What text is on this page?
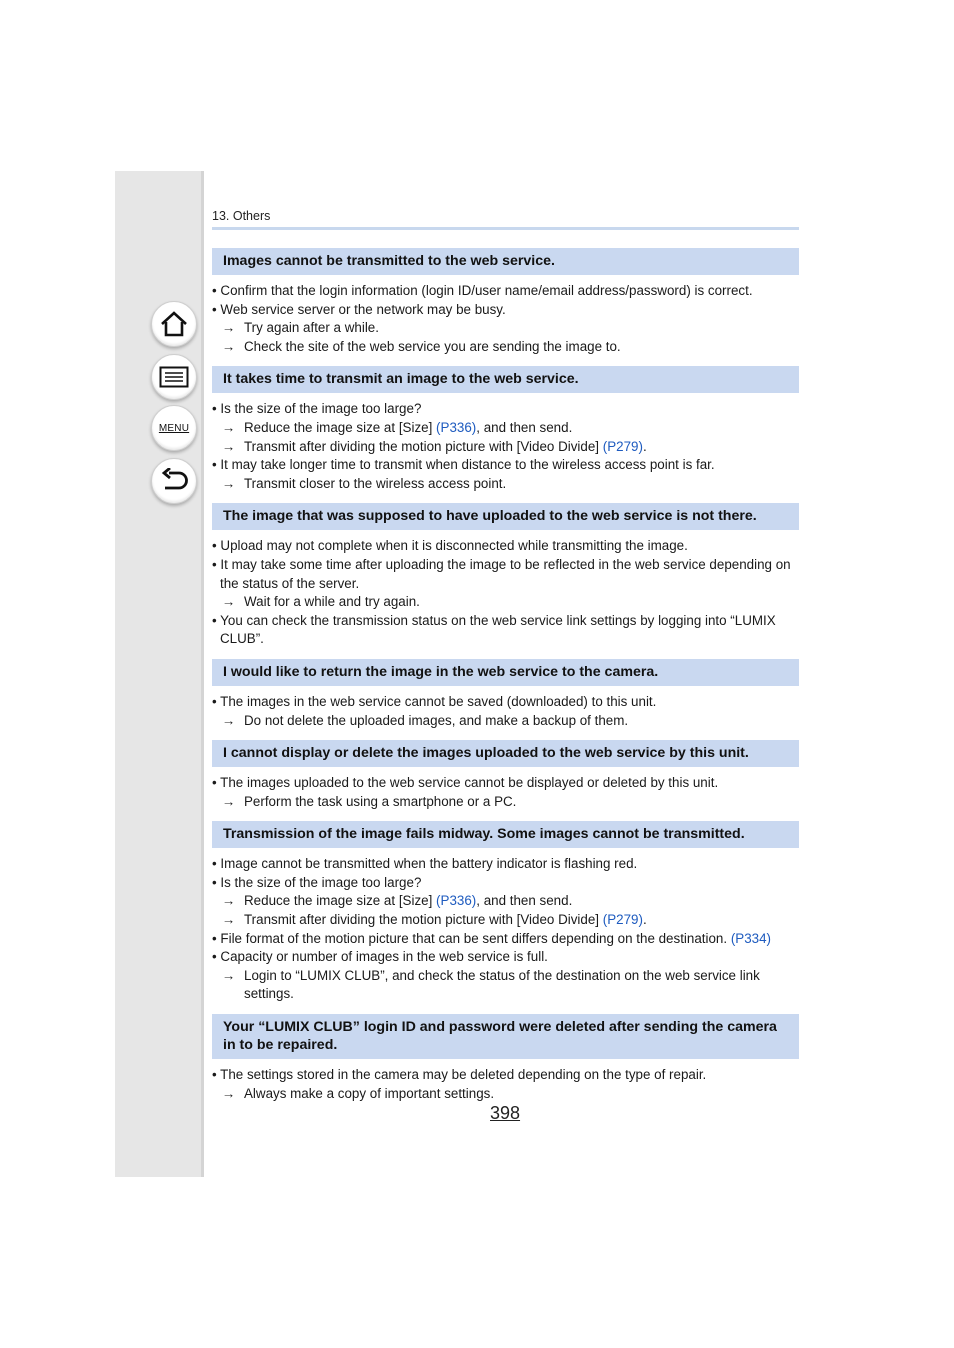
MENU
13. Others
Images cannot be transmitted to the web service.
• Confirm that the login information (login ID/user name/email address/password) is correct.
• Web service server or the network may be busy.
→ Try again after a while.
→ Check the site of the web service you are sending the image to.
It takes time to transmit an image to the web service.
• Is the size of the image too large?
→ Reduce the image size at [Size] (P336), and then send.
→ Transmit after dividing the motion picture with [Video Divide] (P279).
• It may take longer time to transmit when distance to the wireless access point is far.
→ Transmit closer to the wireless access point.
The image that was supposed to have uploaded to the web service is not there.
• Upload may not complete when it is disconnected while transmitting the image.
• It may take some time after uploading the image to be reflected in the web service depending on the status of the server.
→ Wait for a while and try again.
• You can check the transmission status on the web service link settings by logging into “LUMIX CLUB”.
I would like to return the image in the web service to the camera.
• The images in the web service cannot be saved (downloaded) to this unit.
→ Do not delete the uploaded images, and make a backup of them.
I cannot display or delete the images uploaded to the web service by this unit.
• The images uploaded to the web service cannot be displayed or deleted by this unit.
→ Perform the task using a smartphone or a PC.
Transmission of the image fails midway. Some images cannot be transmitted.
• Image cannot be transmitted when the battery indicator is flashing red.
• Is the size of the image too large?
→ Reduce the image size at [Size] (P336), and then send.
→ Transmit after dividing the motion picture with [Video Divide] (P279).
• File format of the motion picture that can be sent differs depending on the destination. (P334)
• Capacity or number of images in the web service is full.
→ Login to “LUMIX CLUB”, and check the status of the destination on the web service link settings.
Your “LUMIX CLUB” login ID and password were deleted after sending the camera in to be repaired.
• The settings stored in the camera may be deleted depending on the type of repair.
→ Always make a copy of important settings.
398
